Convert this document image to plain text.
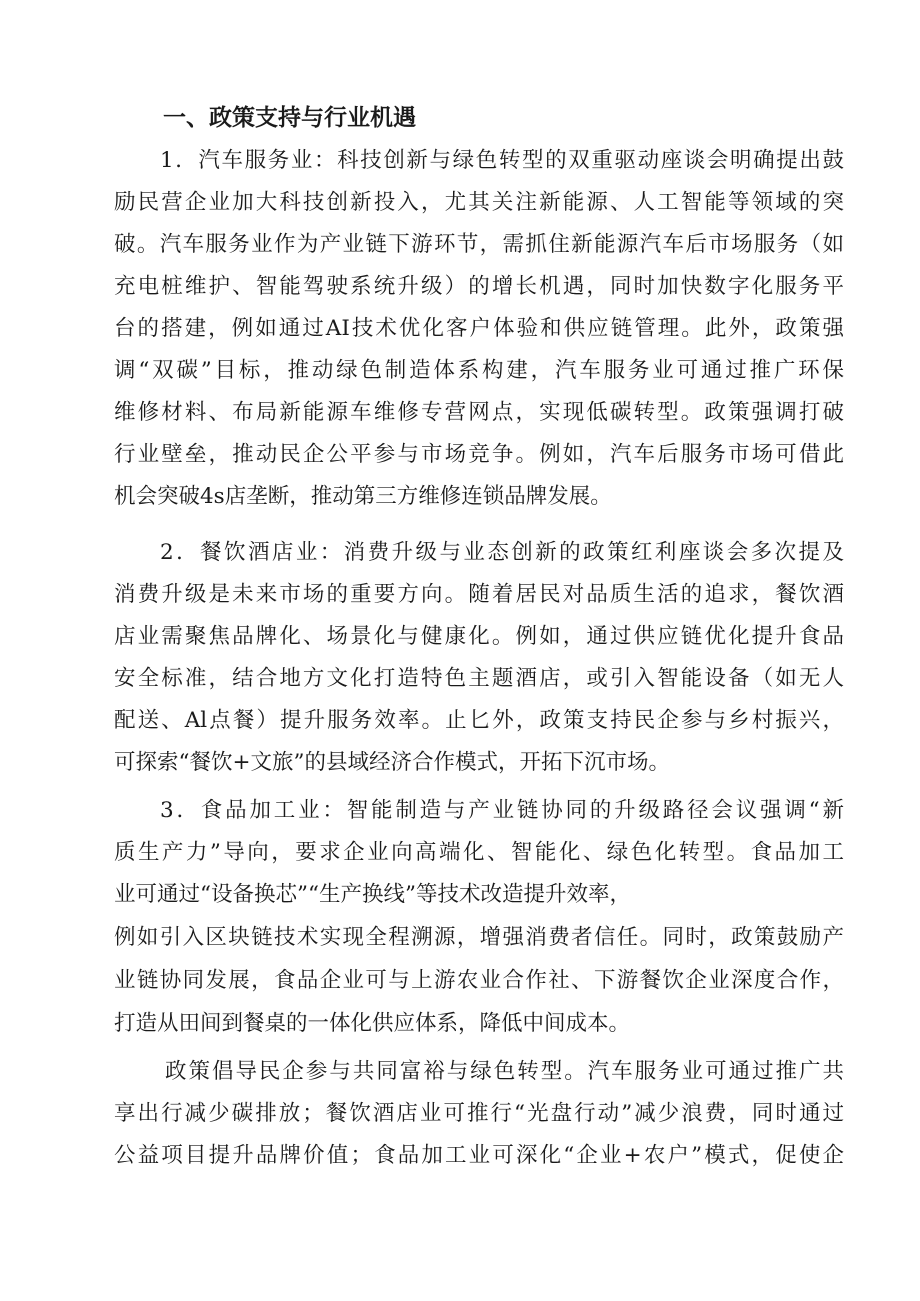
一、政策支持与行业机遇
1．汽车服务业：科技创新与绿色转型的双重驱动座谈会明确提出鼓
励民营企业加大科技创新投入，尤其关注新能源、人工智能等领域的突
破。汽车服务业作为产业链下游环节，需抓住新能源汽车后市场服务（如
充电桩维护、智能驾驶系统升级）的增长机遇，同时加快数字化服务平
台的搭建，例如通过AI技术优化客户体验和供应链管理。此外，政策强
调“双碳”目标，推动绿色制造体系构建，汽车服务业可通过推广环保
维修材料、布局新能源车维修专营网点，实现低碳转型。政策强调打破
行业壁垒，推动民企公平参与市场竞争。例如，汽车后服务市场可借此
机会突破4s店垄断，推动第三方维修连锁品牌发展。
2．餐饮酒店业：消费升级与业态创新的政策红利座谈会多次提及
消费升级是未来市场的重要方向。随着居民对品质生活的追求，餐饮酒
店业需聚焦品牌化、场景化与健康化。例如，通过供应链优化提升食品
安全标准，结合地方文化打造特色主题酒店，或引入智能设备（如无人
配送、Al点餐）提升服务效率。止匕外，政策支持民企参与乡村振兴，
可探索“餐饮+文旅”的县域经济合作模式，开拓下沉市场。
3．食品加工业：智能制造与产业链协同的升级路径会议强调“新
质生产力”导向，要求企业向高端化、智能化、绿色化转型。食品加工
业可通过“设备换芯”“生产换线”等技术改造提升效率，
例如引入区块链技术实现全程溯源，增强消费者信任。同时，政策鼓励产
业链协同发展，食品企业可与上游农业合作社、下游餐饮企业深度合作，
打造从田间到餐桌的一体化供应体系，降低中间成本。
政策倡导民企参与共同富裕与绿色转型。汽车服务业可通过推广共
享出行减少碳排放；餐饮酒店业可推行“光盘行动”减少浪费，同时通过
公益项目提升品牌价值；食品加工业可深化“企业+农户”模式，促使企
